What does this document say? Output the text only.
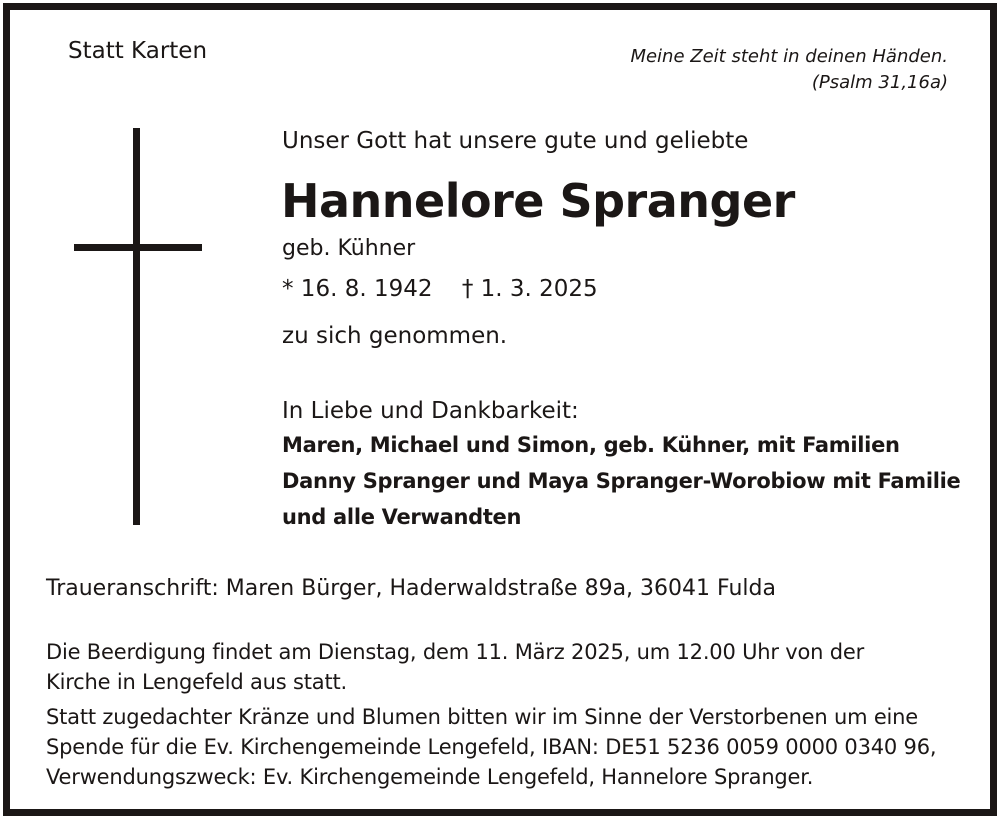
Statt Karten	Meine Zeit steht in deinen Händen.
(Psalm 31,16a)
Unser Gott hat unsere gute und geliebte
Hannelore Spranger
geb. Kühner
* 16. 8. 1942 † 1. 3. 2025
zu sich genommen.
In Liebe und Dankbarkeit:
Maren, Michael und Simon, geb. Kühner, mit Familien
Danny Spranger und Maya Spranger-Worobiow mit Familie
und alle Verwandten
Traueranschrift: Maren Bürger, Haderwaldstraße 89a, 36041 Fulda
Die Beerdigung findet am Dienstag, dem 11. März 2025, um 12.00 Uhr von der
Kirche in Lengefeld aus statt.
Statt zugedachter Kränze und Blumen bitten wir im Sinne der Verstorbenen um eine
Spende für die Ev. Kirchengemeinde Lengefeld, IBAN: DE51 5236 0059 0000 0340 96,
Verwendungszweck: Ev. Kirchengemeinde Lengefeld, Hannelore Spranger.
